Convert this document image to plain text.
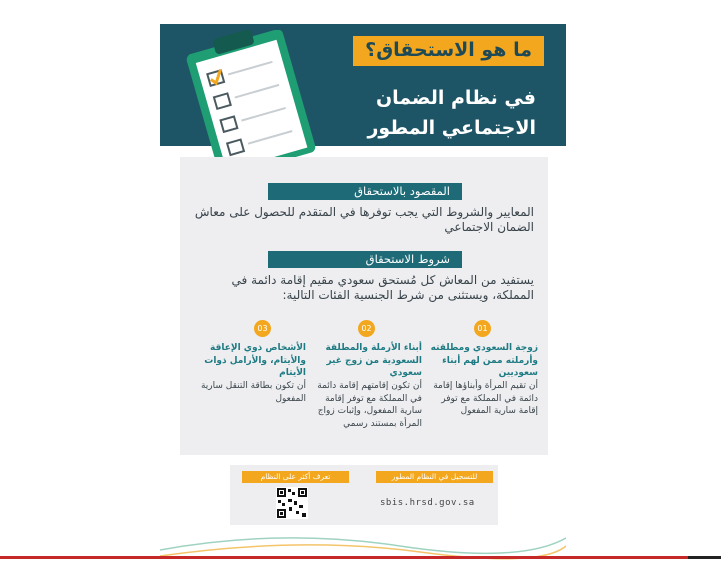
ما هو الاستحقاق؟
في نظام الضمان
الاجتماعي المطور
المقصود بالاستحقاق
المعايير والشروط التي يجب توفرها في المتقدم للحصول على معاش الضمان الاجتماعي
شروط الاستحقاق
يستفيد من المعاش كل مُستحق سعودي مقيم إقامة دائمة في المملكة، ويستثنى من شرط الجنسية الفئات التالية:
01
زوجة السعودي ومطلقته وأرملته ممن لهم أبناء سعوديين
أن تقيم المرأة وأبناؤها إقامة دائمة في المملكة مع توفر إقامة سارية المفعول
02
أبناء الأرملة والمطلقة السعودية من زوج غير سعودي
أن تكون إقامتهم إقامة دائمة في المملكة مع توفر إقامة سارية المفعول، وإثبات زواج المرأة بمستند رسمي
03
الأشخاص ذوي الإعاقة والأيتام، والأرامل ذوات الأيتام
أن تكون بطاقة التنقل سارية المفعول
تعرف أكثر على النظام	للتسجيل في النظام المطور
sbis.hrsd.gov.sa
